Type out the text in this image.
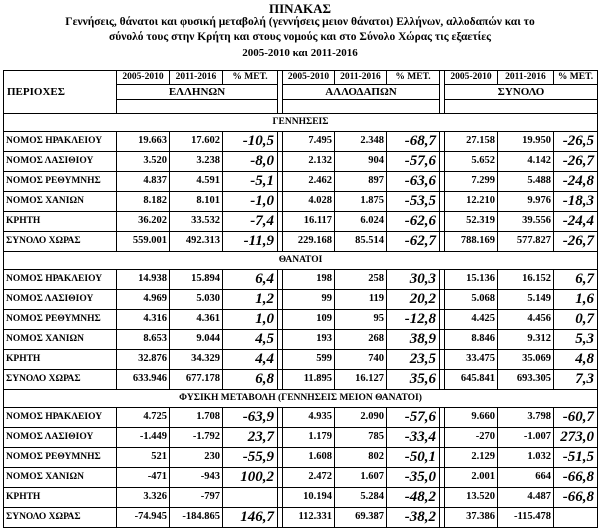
ΠΙΝΑΚΑΣ
Γεννήσεις, θάνατοι και φυσική μεταβολή (γεννήσεις μειον θάνατοι) Ελλήνων, αλλοδαπών και το
σύνολό τους στην Κρήτη και στους νομούς και στο Σύνολο Χώρας τις εξαετίες
2005-2010 και 2011-2016
ΠΕΡΙΟΧΕΣ	2005-2010	2011-2016	% ΜΕΤ.		2005-2010	2011-2016	% ΜΕΤ.		2005-2010	2011-2016	% ΜΕΤ.
	ΕΛΛΗΝΩΝ				ΑΛΛΟΔΑΠΩΝ				ΣΥΝΟΛΟ		

ΓΕΝΝΗΣΕΙΣ											
ΝΟΜΟΣ ΗΡΑΚΛΕΙΟΥ	19.663	17.602	-10,5		7.495	2.348	-68,7		27.158	19.950	-26,5
ΝΟΜΟΣ ΛΑΣΙΘΙΟΥ	3.520	3.238	-8,0		2.132	904	-57,6		5.652	4.142	-26,7
ΝΟΜΟΣ ΡΕΘΥΜΝΗΣ	4.837	4.591	-5,1		2.462	897	-63,6		7.299	5.488	-24,8
ΝΟΜΟΣ ΧΑΝΙΩΝ	8.182	8.101	-1,0		4.028	1.875	-53,5		12.210	9.976	-18,3
ΚΡΗΤΗ	36.202	33.532	-7,4		16.117	6.024	-62,6		52.319	39.556	-24,4
ΣΥΝΟΛΟ ΧΩΡΑΣ	559.001	492.313	-11,9		229.168	85.514	-62,7		788.169	577.827	-26,7
ΘΑΝΑΤΟΙ											
ΝΟΜΟΣ ΗΡΑΚΛΕΙΟΥ	14.938	15.894	6,4		198	258	30,3		15.136	16.152	6,7
ΝΟΜΟΣ ΛΑΣΙΘΙΟΥ	4.969	5.030	1,2		99	119	20,2		5.068	5.149	1,6
ΝΟΜΟΣ ΡΕΘΥΜΝΗΣ	4.316	4.361	1,0		109	95	-12,8		4.425	4.456	0,7
ΝΟΜΟΣ ΧΑΝΙΩΝ	8.653	9.044	4,5		193	268	38,9		8.846	9.312	5,3
ΚΡΗΤΗ	32.876	34.329	4,4		599	740	23,5		33.475	35.069	4,8
ΣΥΝΟΛΟ ΧΩΡΑΣ	633.946	677.178	6,8		11.895	16.127	35,6		645.841	693.305	7,3
ΦΥΣΙΚΗ ΜΕΤΑΒΟΛΗ (ΓΕΝΝΗΣΕΙΣ ΜΕΙΟΝ ΘΑΝΑΤΟΙ)											
ΝΟΜΟΣ ΗΡΑΚΛΕΙΟΥ	4.725	1.708	-63,9		4.935	2.090	-57,6		9.660	3.798	-60,7
ΝΟΜΟΣ ΛΑΣΙΘΙΟΥ	-1.449	-1.792	23,7		1.179	785	-33,4		-270	-1.007	273,0
ΝΟΜΟΣ ΡΕΘΥΜΝΗΣ	521	230	-55,9		1.608	802	-50,1		2.129	1.032	-51,5
ΝΟΜΟΣ ΧΑΝΙΩΝ	-471	-943	100,2		2.472	1.607	-35,0		2.001	664	-66,8
ΚΡΗΤΗ	3.326	-797			10.194	5.284	-48,2		13.520	4.487	-66,8
ΣΥΝΟΛΟ ΧΩΡΑΣ	-74.945	-184.865	146,7		112.331	69.387	-38,2		37.386	-115.478	
